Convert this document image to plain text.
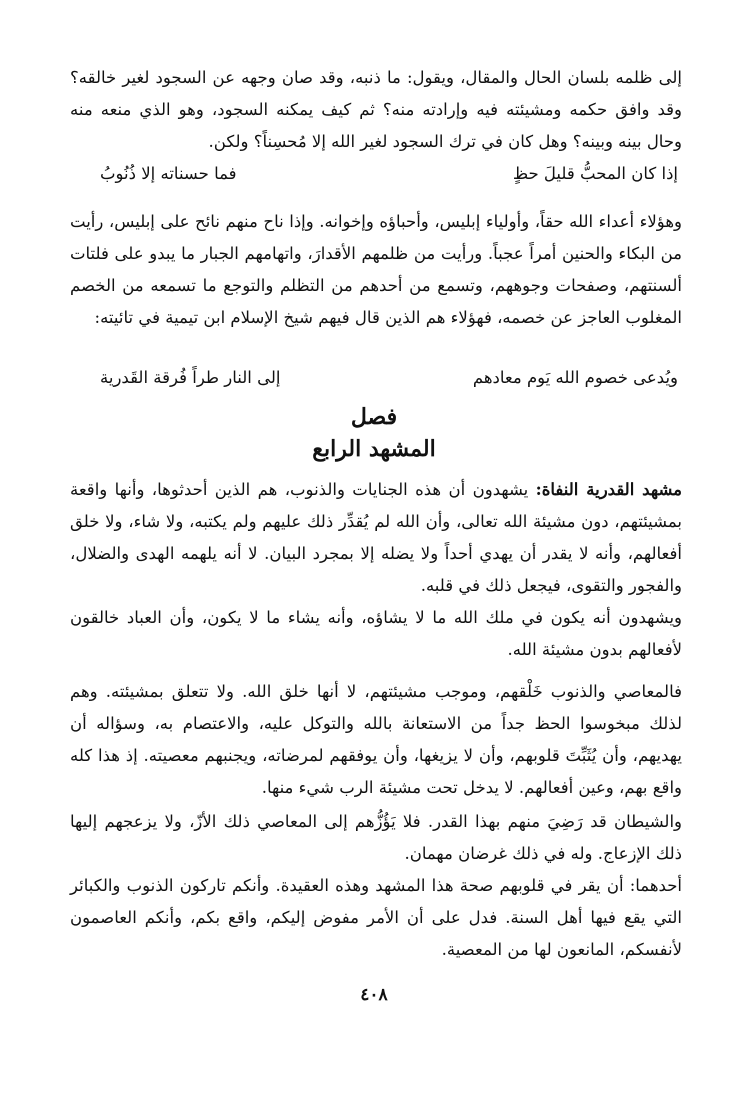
إلى ظلمه بلسان الحال والمقال، ويقول: ما ذنبه، وقد صان وجهه عن السجود لغير خالقه؟ وقد وافق حكمه ومشيئته فيه وإرادته منه؟ ثم كيف يمكنه السجود، وهو الذي منعه منه وحال بينه وبينه؟ وهل كان في ترك السجود لغير الله إلا مُحسِناً؟ ولكن.

إذا كان المحبُّ قليلَ حظٍ
فما حسناته إلا ذُنُوبُ

وهؤلاء أعداء الله حقاً، وأولياء إبليس، وأحباؤه وإخوانه. وإذا ناح منهم نائح على إبليس، رأيت من البكاء والحنين أمراً عجباً. ورأيت من ظلمهم الأقدارَ، واتهامهم الجبار ما يبدو على فلتات ألسنتهم، وصفحات وجوههم، وتسمع من أحدهم من التظلم والتوجع ما تسمعه من الخصم المغلوب العاجز عن خصمه، فهؤلاء هم الذين قال فيهم شيخ الإسلام ابن تيمية في تائيته:

ويُدعى خصوم الله يَوم معادهم
إلى النار طراً فُرقة القَدرية
فصل
المشهد الرابع

مشهد القدرية النفاة: يشهدون أن هذه الجنايات والذنوب، هم الذين أحدثوها، وأنها واقعة بمشيئتهم، دون مشيئة الله تعالى، وأن الله لم يُقدِّر ذلك عليهم ولم يكتبه، ولا شاء، ولا خلق أفعالهم، وأنه لا يقدر أن يهدي أحداً ولا يضله إلا بمجرد البيان. لا أنه يلهمه الهدى والضلال، والفجور والتقوى، فيجعل ذلك في قلبه.

ويشهدون أنه يكون في ملك الله ما لا يشاؤه، وأنه يشاء ما لا يكون، وأن العباد خالقون لأفعالهم بدون مشيئة الله.

فالمعاصي والذنوب خَلْقهم، وموجب مشيئتهم، لا أنها خلق الله. ولا تتعلق بمشيئته. وهم لذلك مبخوسوا الحظ جداً من الاستعانة بالله والتوكل عليه، والاعتصام به، وسؤاله أن يهديهم، وأن يُثَبِّتَ قلوبهم، وأن لا يزيغها، وأن يوفقهم لمرضاته، ويجنبهم معصيته. إذ هذا كله واقع بهم، وعين أفعالهم. لا يدخل تحت مشيئة الرب شيء منها.

والشيطان قد رَضِيَ منهم بهذا القدر. فلا يَؤُزُّهم إلى المعاصي ذلك الأزّ، ولا يزعجهم إليها ذلك الإزعاج. وله في ذلك غرضان مهمان.

أحدهما: أن يقر في قلوبهم صحة هذا المشهد وهذه العقيدة. وأنكم تاركون الذنوب والكبائر التي يقع فيها أهل السنة. فدل على أن الأمر مفوض إليكم، واقع بكم، وأنكم العاصمون لأنفسكم، المانعون لها من المعصية.

٤٠٨
